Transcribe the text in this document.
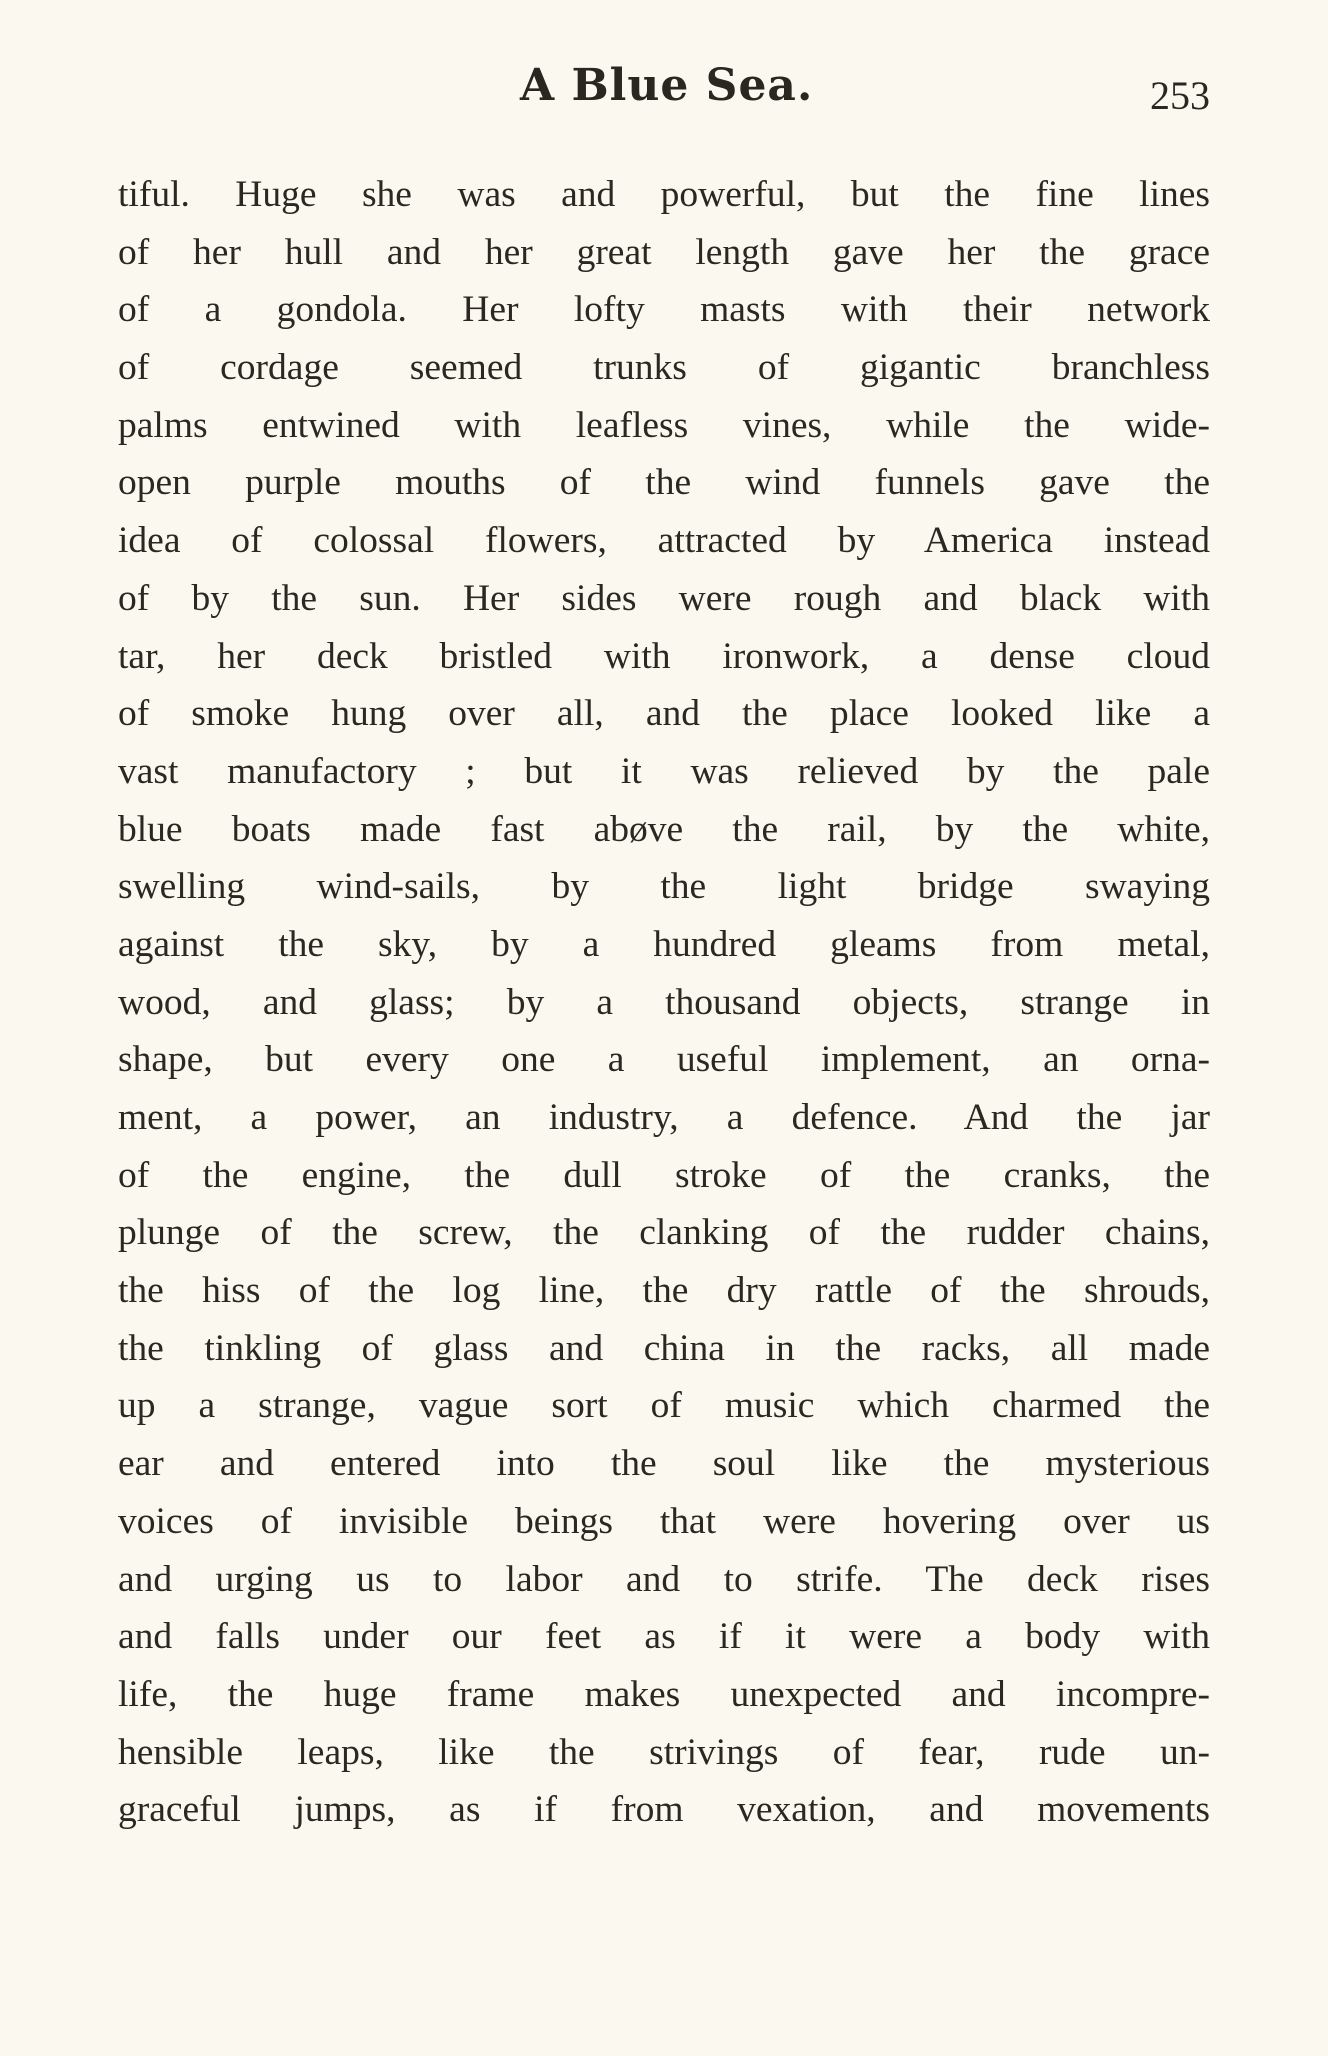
A Blue Sea.	253
tiful. Huge she was and powerful, but the fine lines
of her hull and her great length gave her the grace
of a gondola. Her lofty masts with their network
of cordage seemed trunks of gigantic branchless
palms entwined with leafless vines, while the wide-
open purple mouths of the wind funnels gave the
idea of colossal flowers, attracted by America instead
of by the sun. Her sides were rough and black with
tar, her deck bristled with ironwork, a dense cloud
of smoke hung over all, and the place looked like a
vast manufactory ; but it was relieved by the pale
blue boats made fast abøve the rail, by the white,
swelling wind-sails, by the light bridge swaying
against the sky, by a hundred gleams from metal,
wood, and glass; by a thousand objects, strange in
shape, but every one a useful implement, an orna-
ment, a power, an industry, a defence. And the jar
of the engine, the dull stroke of the cranks, the
plunge of the screw, the clanking of the rudder chains,
the hiss of the log line, the dry rattle of the shrouds,
the tinkling of glass and china in the racks, all made
up a strange, vague sort of music which charmed the
ear and entered into the soul like the mysterious
voices of invisible beings that were hovering over us
and urging us to labor and to strife. The deck rises
and falls under our feet as if it were a body with
life, the huge frame makes unexpected and incompre-
hensible leaps, like the strivings of fear, rude un-
graceful jumps, as if from vexation, and movements
